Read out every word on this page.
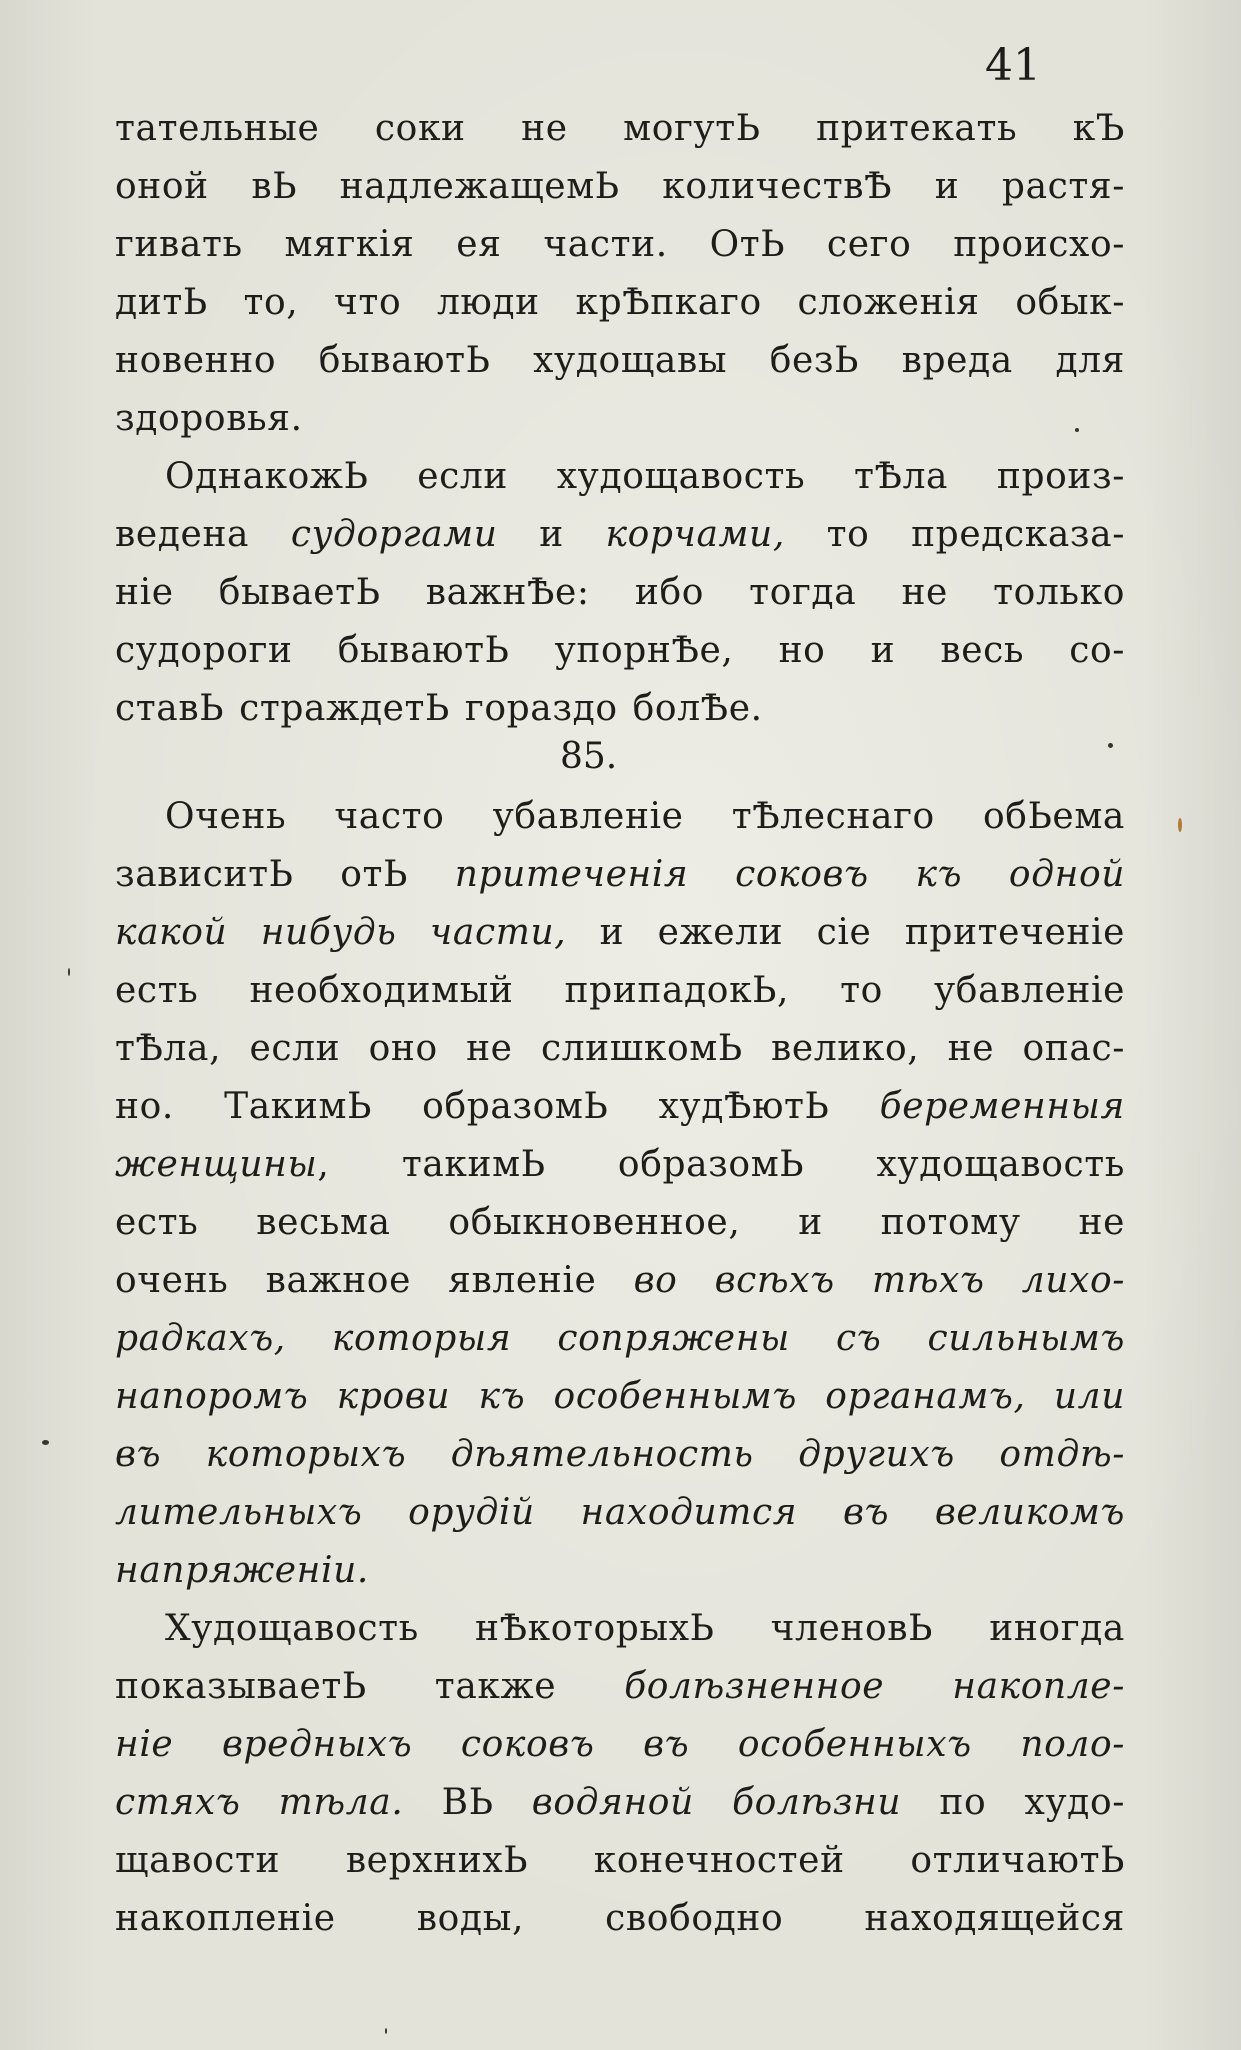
41
тательные соки не могутЬ притекать кЪ
оной вЬ надлежащемЬ количествѢ и растя-
гивать мягкія ея части. ОтЬ сего происхо-
дитЬ то, что люди крѢпкаго сложенія обык-
новенно бываютЬ худощавы безЬ вреда для
здоровья.
ОднакожЬ если худощавость тѢла произ-
ведена судоргами и корчами, то предсказа-
ніе бываетЬ важнѢе: ибо тогда не только
судороги бываютЬ упорнѢе, но и весь со-
ставЬ страждетЬ гораздо болѢе.
Очень часто убавленіе тѢлеснаго обЬема
зависитЬ отЬ притеченія соковъ къ одной
какой нибудь части, и ежели сіе притеченіе
есть необходимый припадокЬ, то убавленіе
тѢла, если оно не слишкомЬ велико, не опас-
но. ТакимЬ образомЬ худѢютЬ беременныя
женщины, такимЬ образомЬ худощавость
есть весьма обыкновенное, и потому не
очень важное явленіе во всѣхъ тѣхъ лихо-
радкахъ, которыя сопряжены съ сильнымъ
напоромъ крови къ особеннымъ органамъ, или
въ которыхъ дѣятельность другихъ отдѣ-
лительныхъ орудій находится въ великомъ
напряженіи.
Худощавость нѢкоторыхЬ членовЬ иногда
показываетЬ также болѣзненное накопле-
ніе вредныхъ соковъ въ особенныхъ поло-
стяхъ тѣла. ВЬ водяной болѣзни по худо-
щавости верхнихЬ конечностей отличаютЬ
накопленіе воды, свободно находящейся
85.
